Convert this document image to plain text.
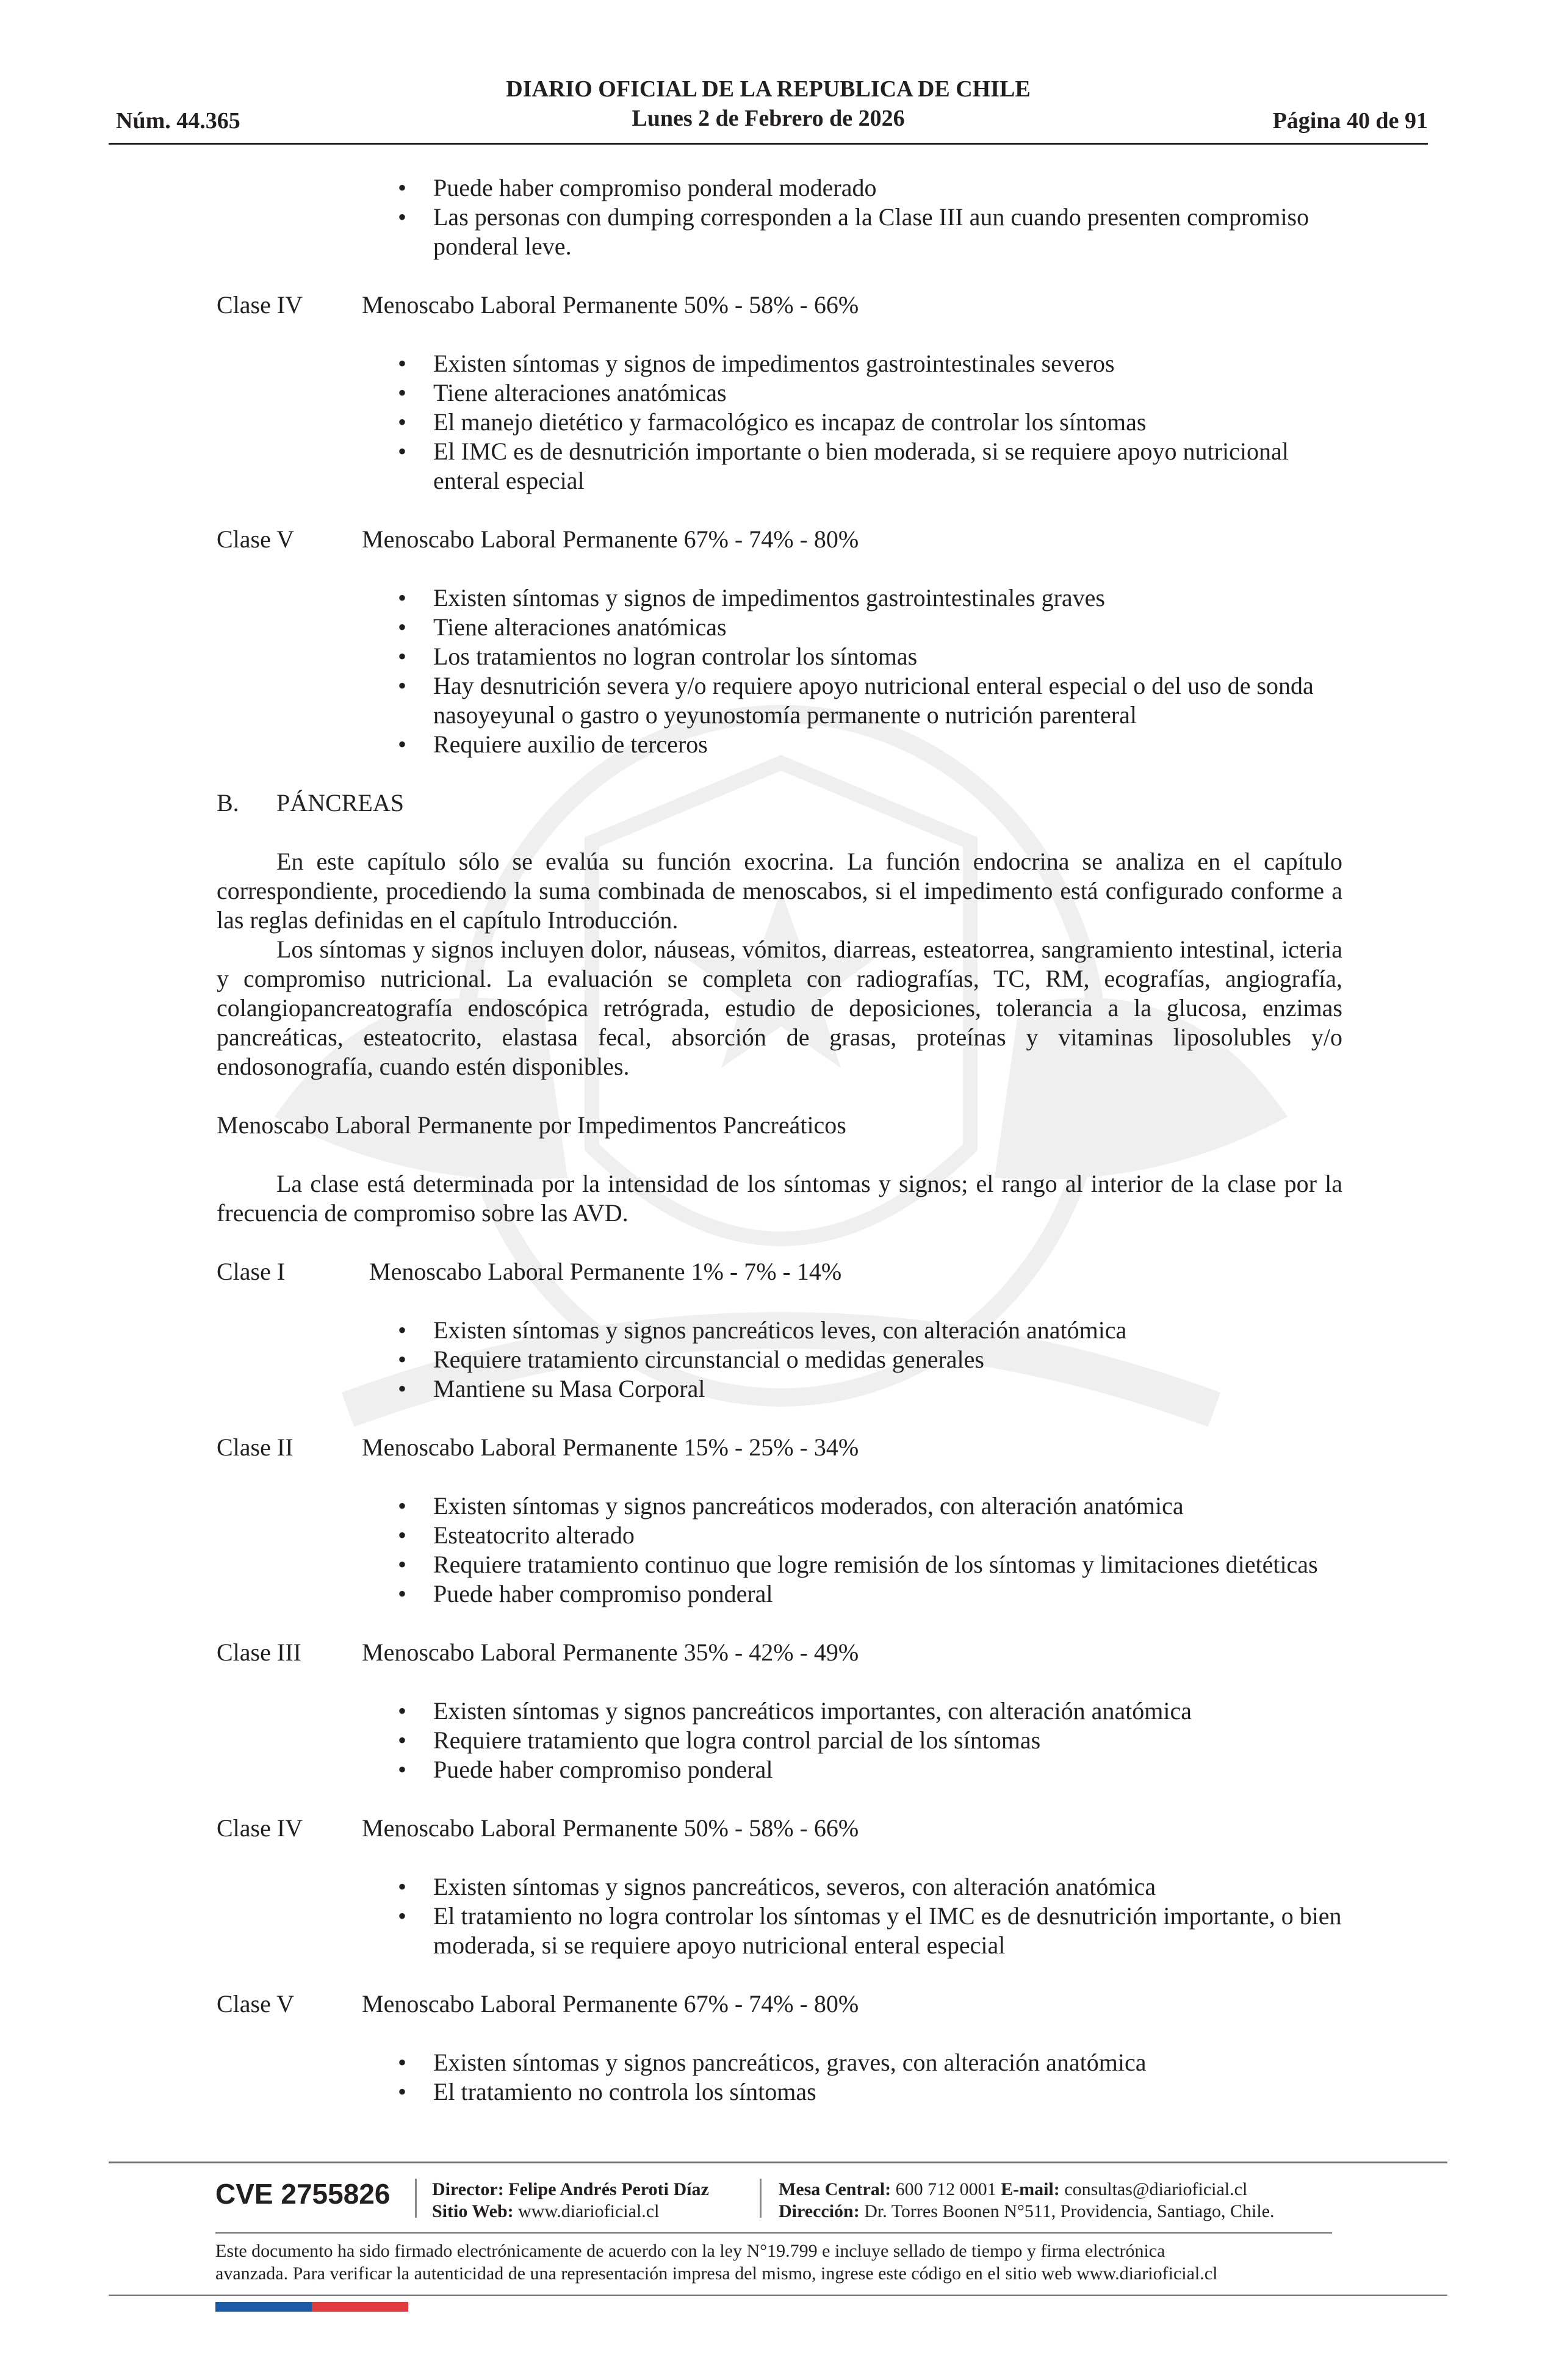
Núm. 44.365
DIARIO OFICIAL DE LA REPUBLICA DE CHILE
Lunes 2 de Febrero de 2026	Página 40 de 91
• Puede haber compromiso ponderal moderado
• Las personas con dumping corresponden a la Clase III aun cuando presenten compromiso ponderal leve.
Clase IV	Menoscabo Laboral Permanente 50% - 58% - 66%
• Existen síntomas y signos de impedimentos gastrointestinales severos
• Tiene alteraciones anatómicas
• El manejo dietético y farmacológico es incapaz de controlar los síntomas
• El IMC es de desnutrición importante o bien moderada, si se requiere apoyo nutricional enteral especial
Clase V	Menoscabo Laboral Permanente 67% - 74% - 80%
• Existen síntomas y signos de impedimentos gastrointestinales graves
• Tiene alteraciones anatómicas
• Los tratamientos no logran controlar los síntomas
• Hay desnutrición severa y/o requiere apoyo nutricional enteral especial o del uso de sonda nasoyeyunal o gastro o yeyunostomía permanente o nutrición parenteral
• Requiere auxilio de terceros
B. PÁNCREAS

En este capítulo sólo se evalúa su función exocrina. La función endocrina se analiza en el capítulo correspondiente, procediendo la suma combinada de menoscabos, si el impedimento está configurado conforme a las reglas definidas en el capítulo Introducción.

Los síntomas y signos incluyen dolor, náuseas, vómitos, diarreas, esteatorrea, sangramiento intestinal, icteria y compromiso nutricional. La evaluación se completa con radiografías, TC, RM, ecografías, angiografía, colangiopancreatografía endoscópica retrógrada, estudio de deposiciones, tolerancia a la glucosa, enzimas pancreáticas, esteatocrito, elastasa fecal, absorción de grasas, proteínas y vitaminas liposolubles y/o endosonografía, cuando estén disponibles.

Menoscabo Laboral Permanente por Impedimentos Pancreáticos

La clase está determinada por la intensidad de los síntomas y signos; el rango al interior de la clase por la frecuencia de compromiso sobre las AVD.

Clase I	Menoscabo Laboral Permanente 1% - 7% - 14%
• Existen síntomas y signos pancreáticos leves, con alteración anatómica
• Requiere tratamiento circunstancial o medidas generales
• Mantiene su Masa Corporal
Clase II	Menoscabo Laboral Permanente 15% - 25% - 34%
• Existen síntomas y signos pancreáticos moderados, con alteración anatómica
• Esteatocrito alterado
• Requiere tratamiento continuo que logre remisión de los síntomas y limitaciones dietéticas
• Puede haber compromiso ponderal
Clase III	Menoscabo Laboral Permanente 35% - 42% - 49%
• Existen síntomas y signos pancreáticos importantes, con alteración anatómica
• Requiere tratamiento que logra control parcial de los síntomas
• Puede haber compromiso ponderal
Clase IV	Menoscabo Laboral Permanente 50% - 58% - 66%
• Existen síntomas y signos pancreáticos, severos, con alteración anatómica
• El tratamiento no logra controlar los síntomas y el IMC es de desnutrición importante, o bien moderada, si se requiere apoyo nutricional enteral especial
Clase V	Menoscabo Laboral Permanente 67% - 74% - 80%
• Existen síntomas y signos pancreáticos, graves, con alteración anatómica
• El tratamiento no controla los síntomas
CVE 2755826 Director: Felipe Andrés Peroti Díaz
Sitio Web: www.diarioficial.cl
Mesa Central: 600 712 0001 E-mail: consultas@diarioficial.cl
Dirección: Dr. Torres Boonen N°511, Providencia, Santiago, Chile.
Este documento ha sido firmado electrónicamente de acuerdo con la ley N°19.799 e incluye sellado de tiempo y firma electrónica
avanzada. Para verificar la autenticidad de una representación impresa del mismo, ingrese este código en el sitio web www.diarioficial.cl
